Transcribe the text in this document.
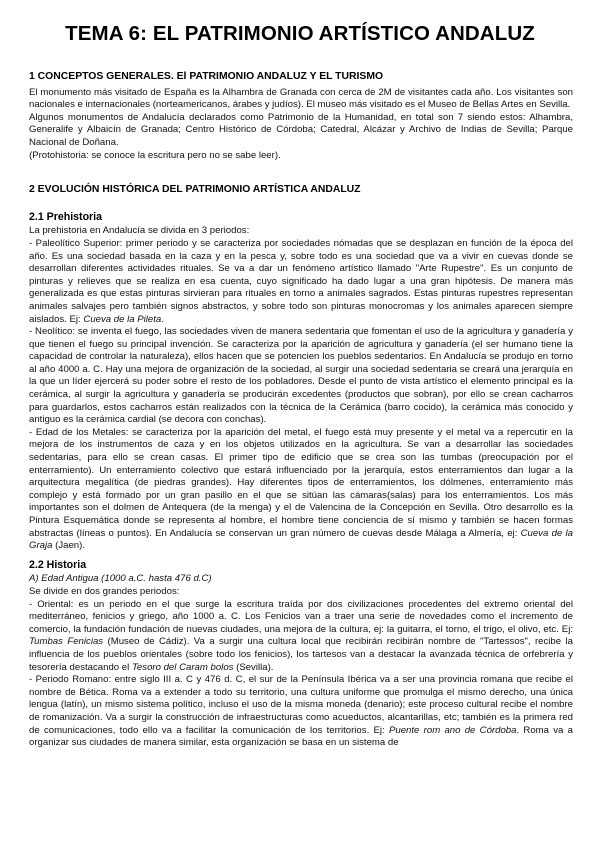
TEMA 6: EL PATRIMONIO ARTÍSTICO ANDALUZ
1 CONCEPTOS GENERALES. El PATRIMONIO ANDALUZ Y EL TURISMO

El monumento más visitado de España es la Alhambra de Granada con cerca de 2M de visitantes cada año. Los visitantes son nacionales e internacionales (norteamericanos, árabes y judíos). El museo más visitado es el Museo de Bellas Artes en Sevilla.

Algunos monumentos de Andalucía declarados como Patrimonio de la Humanidad, en total son 7 siendo estos: Alhambra, Generalife y Albaicín de Granada; Centro Histórico de Córdoba; Catedral, Alcázar y Archivo de Indias de Sevilla; Parque Nacional de Doñana.

(Protohistoria: se conoce la escritura pero no se sabe leer).

2 EVOLUCIÓN HISTÓRICA DEL PATRIMONIO ARTÍSTICA ANDALUZ
2.1 Prehistoria

La prehistoria en Andalucía se divida en 3 periodos:

- Paleolítico Superior: primer periodo y se caracteriza por sociedades nómadas que se desplazan en función de la época del año. Es una sociedad basada en la caza y en la pesca y, sobre todo es una sociedad que va a vivir en cuevas donde se desarrollan diferentes actividades rituales. Se va a dar un fenómeno artístico llamado "Arte Rupestre". Es un conjunto de pinturas y relieves que se realiza en esa cuenta, cuyo significado ha dado lugar a una gran hipótesis. De manera más generalizada es que estas pinturas sirvieran para rituales en torno a animales sagrados. Estas pinturas rupestres representan animales salvajes pero también signos abstractos, y sobre todo son pinturas monocromas y los animales aparecen siempre aislados. Ej: Cueva de la Pileta.

- Neolítico: se inventa el fuego, las sociedades viven de manera sedentaria que fomentan el uso de la agricultura y ganadería y que tienen el fuego su principal invención. Se caracteriza por la aparición de agricultura y ganadería (el ser humano tiene la capacidad de controlar la naturaleza), ellos hacen que se potencien los pueblos sedentarios. En Andalucía se produjo en torno al año 4000 a. C. Hay una mejora de organización de la sociedad, al surgir una sociedad sedentaria se creará una jerarquía en la que un líder ejercerá su poder sobre el resto de los pobladores. Desde el punto de vista artístico el elemento principal es la cerámica, al surgir la agricultura y ganadería se producirán excedentes (productos que sobran), por ello se crean cacharros para guardarlos, estos cacharros están realizados con la técnica de la Cerámica (barro cocido), la cerámica más conocido y antiguo es la cerámica cardial (se decora con conchas).

- Edad de los Metales: se caracteriza por la aparición del metal, el fuego está muy presente y el metal va a repercutir en la mejora de los instrumentos de caza y en los objetos utilizados en la agricultura. Se van a desarrollar las sociedades sedentarias, para ello se crean casas. El primer tipo de edificio que se crea son las tumbas (preocupación por el enterramiento). Un enterramiento colectivo que estará influenciado por la jerarquía, estos enterramientos dan lugar a la arquitectura megalítica (de piedras grandes). Hay diferentes tipos de enterramientos, los dólmenes, enterramiento más complejo y está formado por un gran pasillo en el que se sitúan las cámaras(salas) para los enterramientos. Los más importantes son el dolmen de Antequera (de la menga) y el de Valencina de la Concepción en Sevilla. Otro desarrollo es la Pintura Esquemática donde se representa al hombre, el hombre tiene conciencia de sí mismo y también se hacen formas abstractas (líneas o puntos). En Andalucía se conservan un gran número de cuevas desde Málaga a Almería, ej: Cueva de la Graja (Jaen).

2.2 Historia

A) Edad Antigua (1000 a.C. hasta 476 d.C)

Se divide en dos grandes periodos:

- Oriental: es un periodo en el que surge la escritura traída por dos civilizaciones procedentes del extremo oriental del mediterráneo, fenicios y griego, año 1000 a. C. Los Fenicios van a traer una serie de novedades como el incremento de comercio, la fundación fundación de nuevas ciudades, una mejora de la cultura, ej: la guitarra, el torno, el trigo, el olivo, etc. Ej: Tumbas Fenicias (Museo de Cádiz). Va a surgir una cultura local que recibirán recibirán nombre de "Tartessos", recibe la influencia de los pueblos orientales (sobre todo los fenicios), los tartesos van a destacar la avanzada técnica de orfebrería y tesorería destacando el Tesoro del Caram bolos (Sevilla).

- Periodo Romano: entre siglo III a. C y 476 d. C, el sur de la Península Ibérica va a ser una provincia romana que recibe el nombre de Bética. Roma va a extender a todo su territorio, una cultura uniforme que promulga el mismo derecho, una única lengua (latín), un mismo sistema político, incluso el uso de la misma moneda (denario); este proceso cultural recibe el nombre de romanización. Va a surgir la construcción de infraestructuras como acueductos, alcantarillas, etc; también es la primera red de comunicaciones, todo ello va a facilitar la comunicación de los territorios. Ej: Puente rom ano de Córdoba. Roma va a organizar sus ciudades de manera similar, esta organización se basa en un sistema de
